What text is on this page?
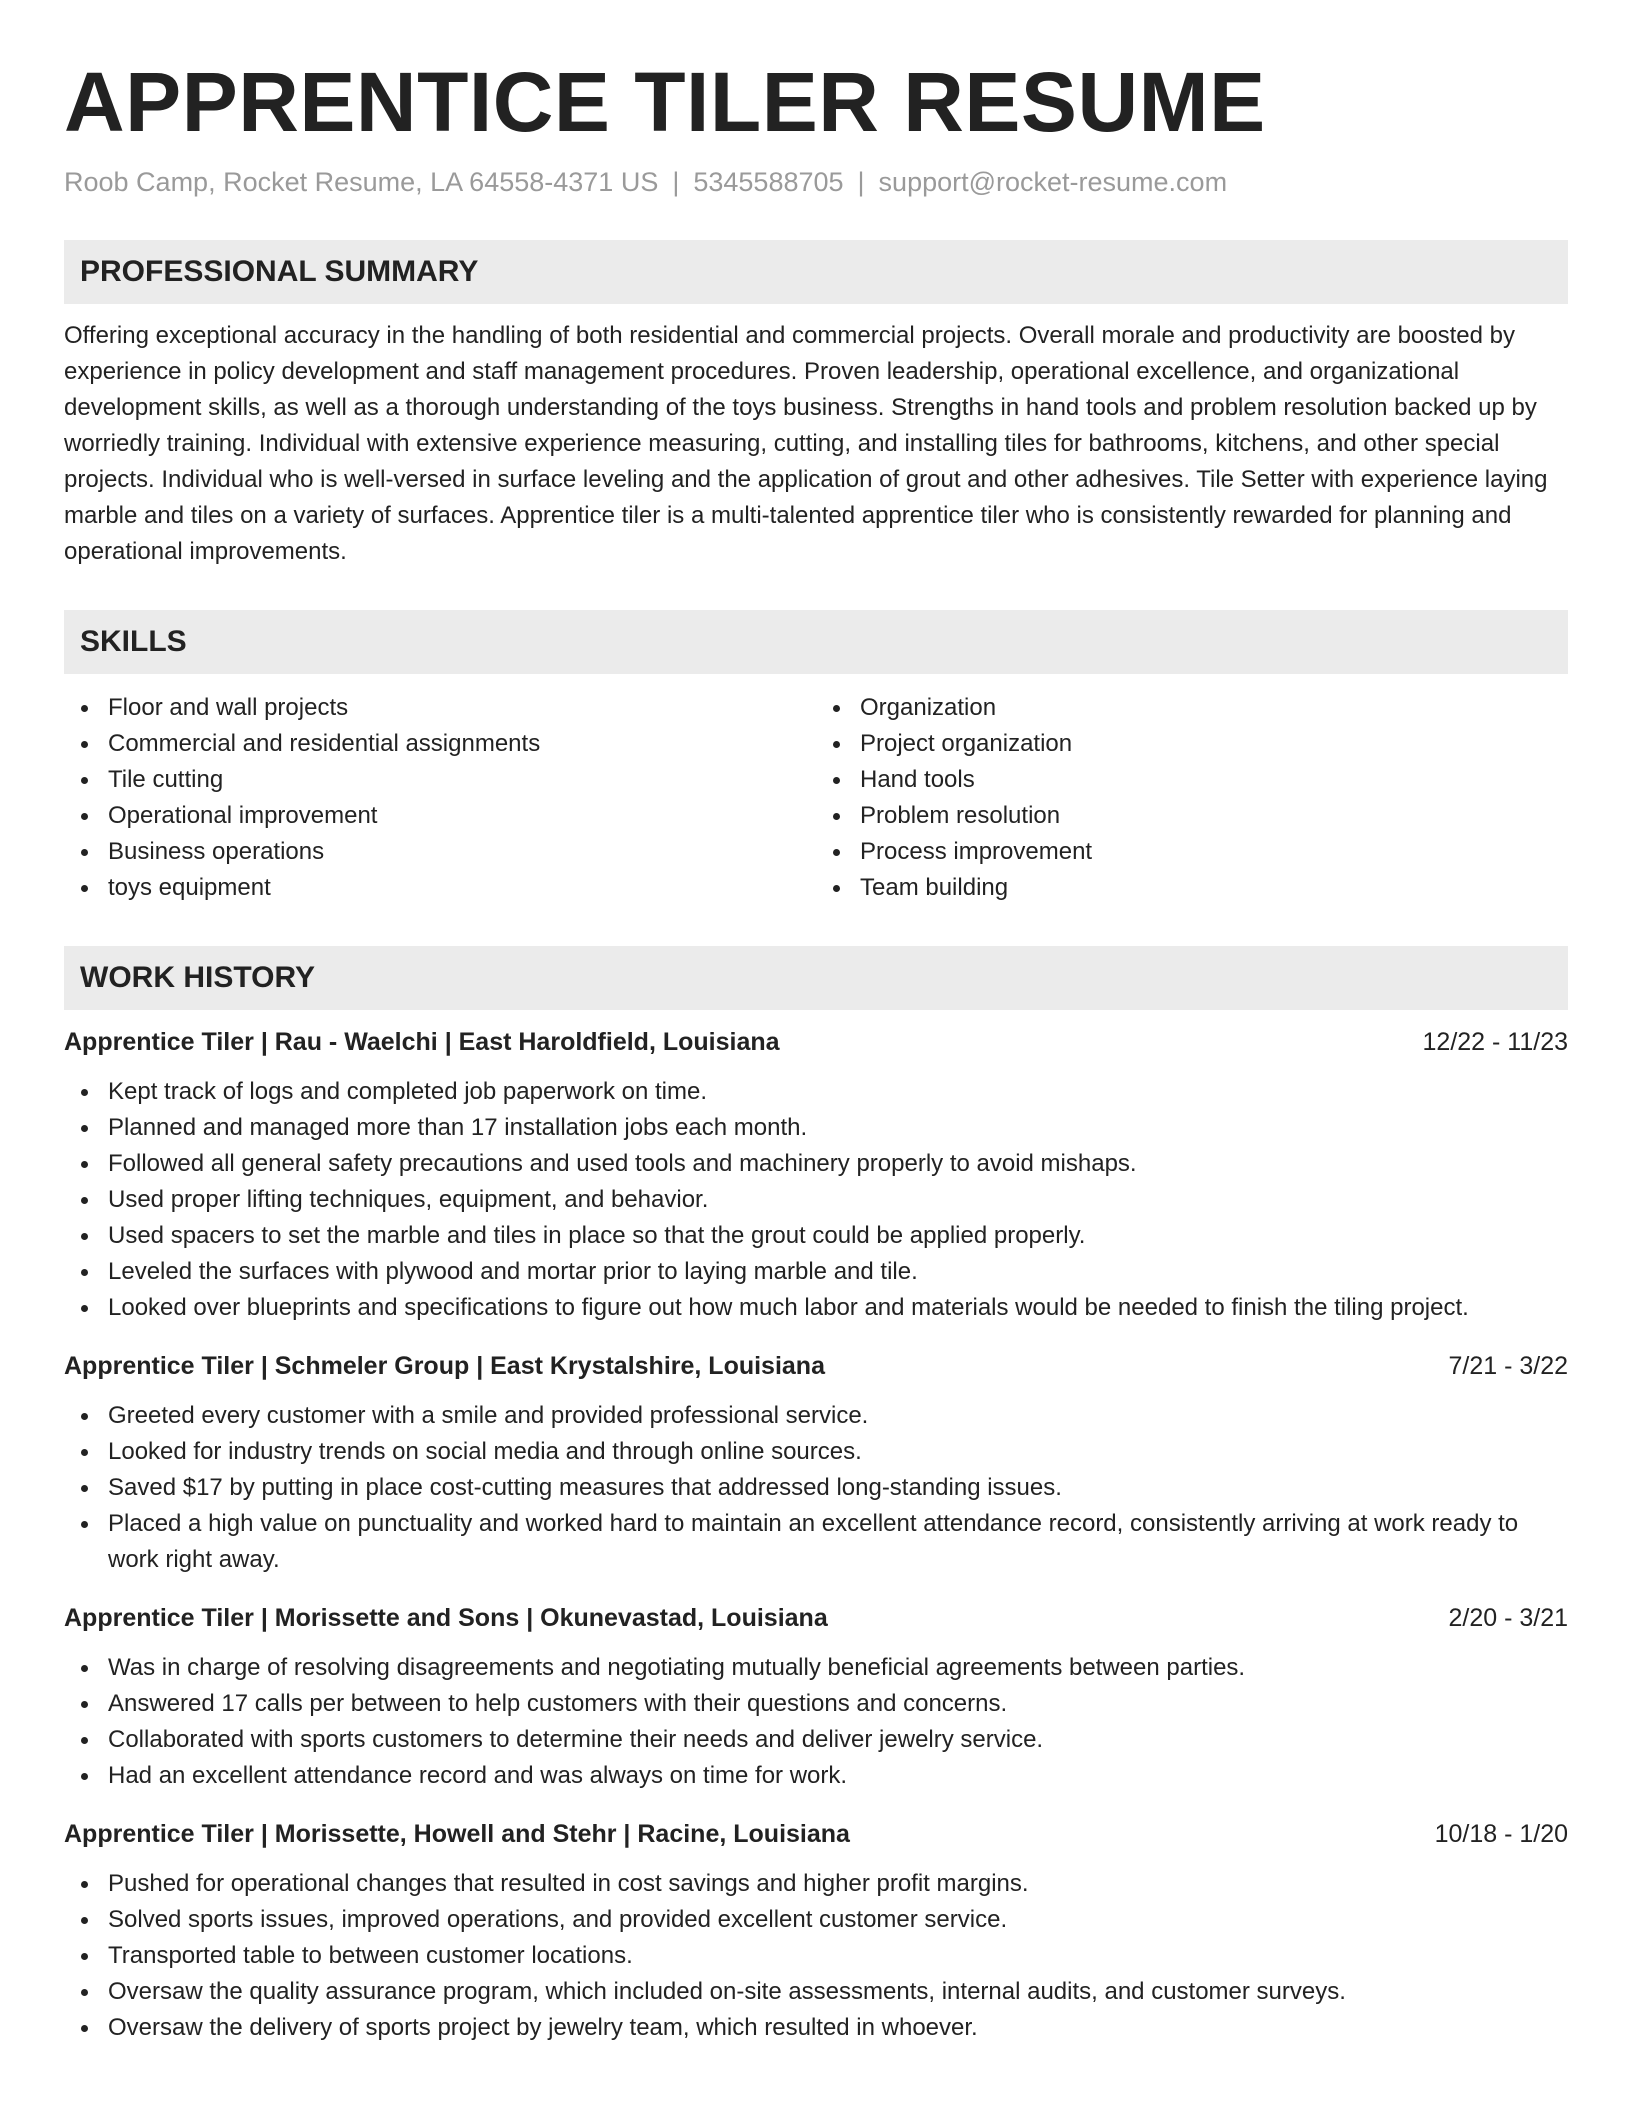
APPRENTICE TILER RESUME
Roob Camp, Rocket Resume, LA 64558-4371 US | 5345588705 | support@rocket-resume.com
PROFESSIONAL SUMMARY
Offering exceptional accuracy in the handling of both residential and commercial projects. Overall morale and productivity are boosted by experience in policy development and staff management procedures. Proven leadership, operational excellence, and organizational development skills, as well as a thorough understanding of the toys business. Strengths in hand tools and problem resolution backed up by worriedly training. Individual with extensive experience measuring, cutting, and installing tiles for bathrooms, kitchens, and other special projects. Individual who is well-versed in surface leveling and the application of grout and other adhesives. Tile Setter with experience laying marble and tiles on a variety of surfaces. Apprentice tiler is a multi-talented apprentice tiler who is consistently rewarded for planning and operational improvements.
SKILLS
Floor and wall projects
Commercial and residential assignments
Tile cutting
Operational improvement
Business operations
toys equipment
Organization
Project organization
Hand tools
Problem resolution
Process improvement
Team building
WORK HISTORY
Apprentice Tiler | Rau - Waelchi | East Haroldfield, Louisiana	12/22 - 11/23
Kept track of logs and completed job paperwork on time.
Planned and managed more than 17 installation jobs each month.
Followed all general safety precautions and used tools and machinery properly to avoid mishaps.
Used proper lifting techniques, equipment, and behavior.
Used spacers to set the marble and tiles in place so that the grout could be applied properly.
Leveled the surfaces with plywood and mortar prior to laying marble and tile.
Looked over blueprints and specifications to figure out how much labor and materials would be needed to finish the tiling project.
Apprentice Tiler | Schmeler Group | East Krystalshire, Louisiana	7/21 - 3/22
Greeted every customer with a smile and provided professional service.
Looked for industry trends on social media and through online sources.
Saved $17 by putting in place cost-cutting measures that addressed long-standing issues.
Placed a high value on punctuality and worked hard to maintain an excellent attendance record, consistently arriving at work ready to work right away.
Apprentice Tiler | Morissette and Sons | Okunevastad, Louisiana	2/20 - 3/21
Was in charge of resolving disagreements and negotiating mutually beneficial agreements between parties.
Answered 17 calls per between to help customers with their questions and concerns.
Collaborated with sports customers to determine their needs and deliver jewelry service.
Had an excellent attendance record and was always on time for work.
Apprentice Tiler | Morissette, Howell and Stehr | Racine, Louisiana	10/18 - 1/20
Pushed for operational changes that resulted in cost savings and higher profit margins.
Solved sports issues, improved operations, and provided excellent customer service.
Transported table to between customer locations.
Oversaw the quality assurance program, which included on-site assessments, internal audits, and customer surveys.
Oversaw the delivery of sports project by jewelry team, which resulted in whoever.
